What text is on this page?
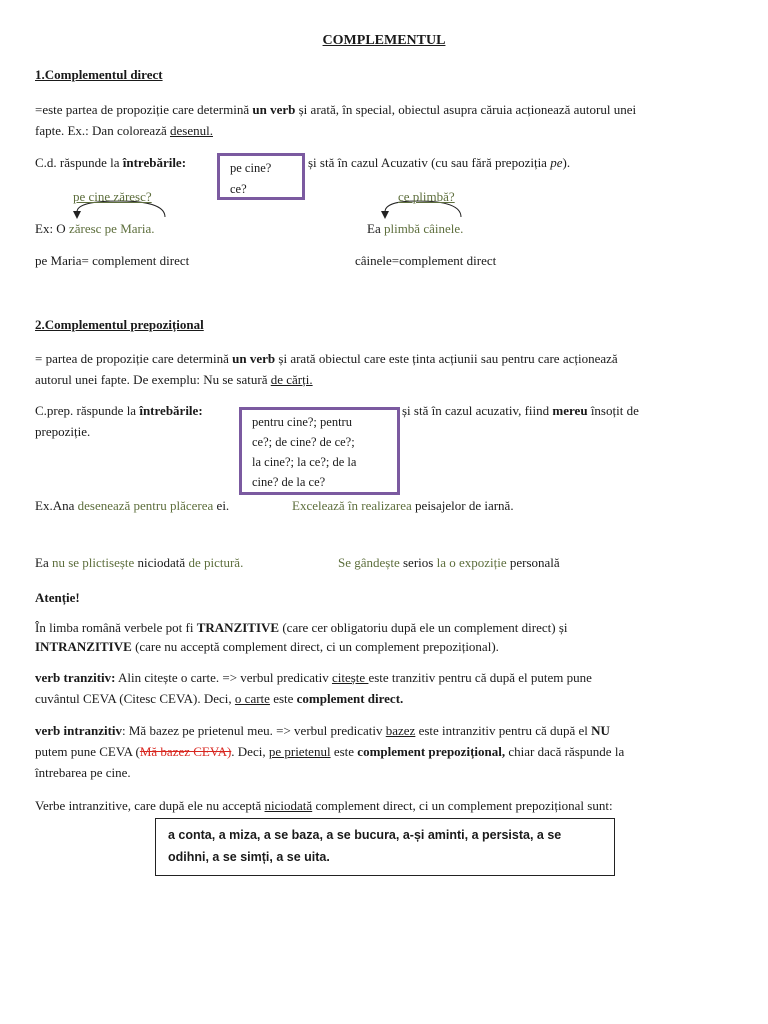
COMPLEMENTUL
1.Complementul direct
=este partea de propoziție care determină un verb și arată, în special, obiectul asupra căruia acționează autorul unei
fapte. Ex.: Dan colorează desenul.
C.d. răspunde la întrebările:	și stă în cazul Acuzativ (cu sau fără prepoziția pe).
pe cine?
ce?
pe cine zăresc?	ce plimbă?
Ex: O zăresc pe Maria.	Ea plimbă câinele.
pe Maria= complement direct	câinele=complement direct
2.Complementul prepozițional
= partea de propoziție care determină un verb și arată obiectul care este ținta acțiunii sau pentru care acționează
autorul unei fapte. De exemplu: Nu se satură de cărți.
C.prep. răspunde la întrebările:	și stă în cazul acuzativ, fiind mereu însoțit de
prepoziție.
pentru cine?; pentru
ce?; de cine? de ce?;
la cine?; la ce?; de la
cine? de la ce?
Ex.Ana desenează pentru plăcerea ei.	Excelează în realizarea peisajelor de iarnă.
Ea nu se plictisește niciodată de pictură.	Se gândește serios la o expoziție personală
Atenție!
În limba română verbele pot fi TRANZITIVE (care cer obligatoriu după ele un complement direct) și
INTRANZITIVE (care nu acceptă complement direct, ci un complement prepozițional).
verb tranzitiv: Alin citește o carte. => verbul predicativ citește este tranzitiv pentru că după el putem pune
cuvântul CEVA (Citesc CEVA). Deci, o carte este complement direct.
verb intranzitiv: Mă bazez pe prietenul meu. => verbul predicativ bazez este intranzitiv pentru că după el NU
putem pune CEVA (Mă bazez CEVA). Deci, pe prietenul este complement prepozițional, chiar dacă răspunde la
întrebarea pe cine.
Verbe intranzitive, care după ele nu acceptă niciodată complement direct, ci un complement prepozițional sunt:
a conta, a miza, a se baza, a se bucura, a-și aminti, a persista, a se odihni, a se simți, a se uita.
